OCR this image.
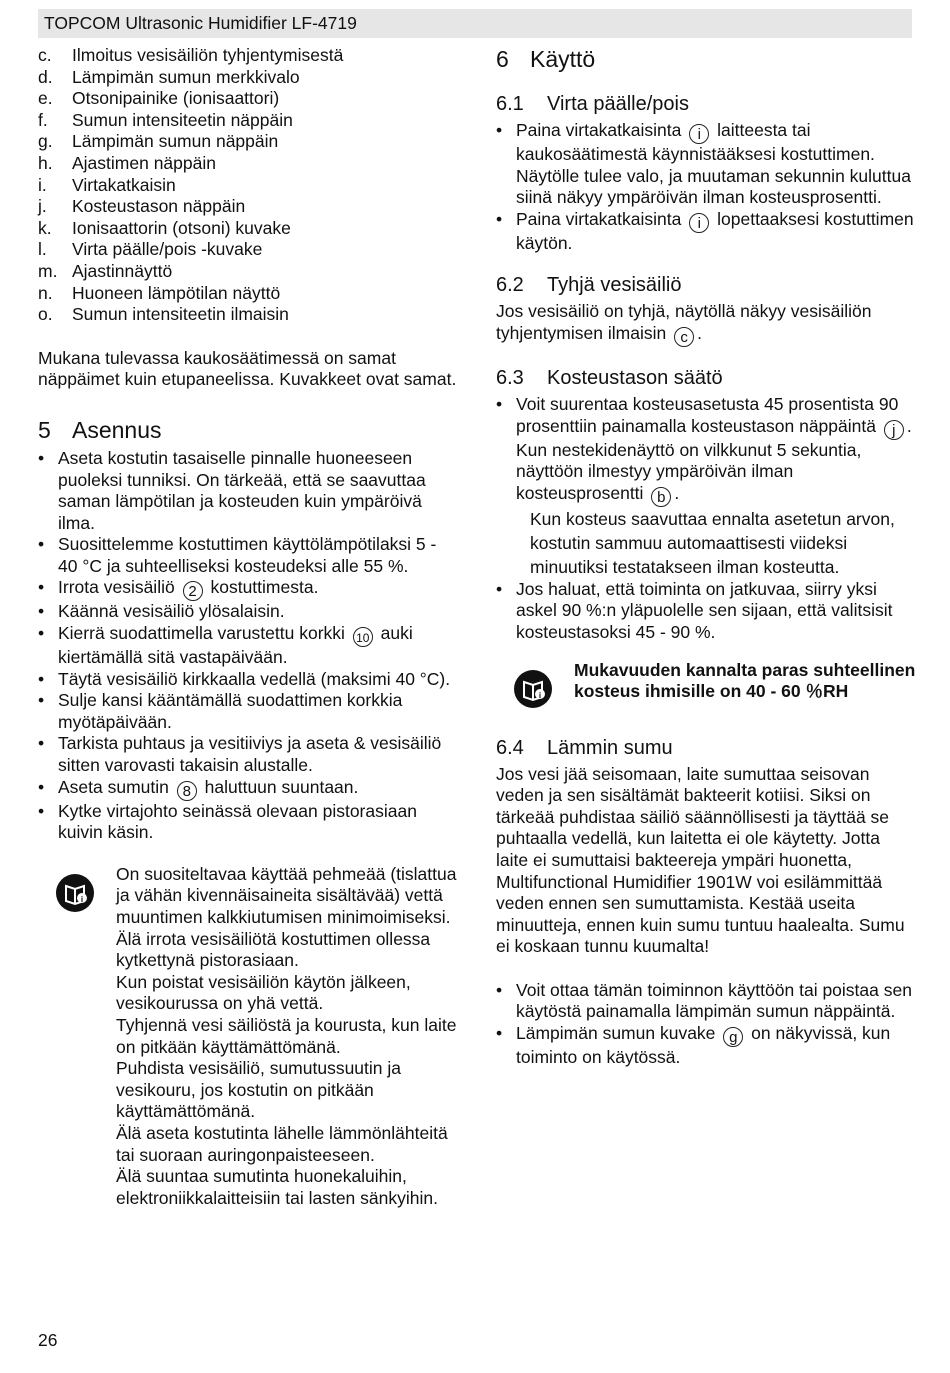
TOPCOM Ultrasonic Humidifier LF-4719
c.	Ilmoitus vesisäiliön tyhjentymisestä
d.	Lämpimän sumun merkkivalo
e.	Otsonipainike (ionisaattori)
f.	Sumun intensiteetin näppäin
g.	Lämpimän sumun näppäin
h.	Ajastimen näppäin
i.	Virtakatkaisin
j.	Kosteustason näppäin
k.	Ionisaattorin (otsoni) kuvake
l.	Virta päälle/pois -kuvake
m. Ajastinnäyttö
n.	Huoneen lämpötilan näyttö
o.	Sumun intensiteetin ilmaisin

Mukana tulevassa kaukosäätimessä on samat näppäimet kuin etupaneelissa. Kuvakkeet ovat samat.

5 Asennus
• Aseta kostutin tasaiselle pinnalle huoneeseen puoleksi tunniksi. On tärkeää, että se saavuttaa saman lämpötilan ja kosteuden kuin ympäröivä ilma.
• Suosittelemme kostuttimen käyttölämpötilaksi 5 - 40 °C ja suhteelliseksi kosteudeksi alle 55 %.
• Irrota vesisäiliö 2 kostuttimesta.
• Käännä vesisäiliö ylösalaisin.
• Kierrä suodattimella varustettu korkki 10 auki kiertämällä sitä vastapäivään.
• Täytä vesisäiliö kirkkaalla vedellä (maksimi 40 °C).
• Sulje kansi kääntämällä suodattimen korkkia myötäpäivään.
• Tarkista puhtaus ja vesitiiviys ja aseta & vesisäiliö sitten varovasti takaisin alustalle.
• Aseta sumutin 8 haluttuun suuntaan.
• Kytke virtajohto seinässä olevaan pistorasiaan kuivin käsin.
i

On suositeltavaa käyttää pehmeää (tislattua ja vähän kivennäisaineita sisältävää) vettä muuntimen kalkkiutumisen minimoimiseksi.
Älä irrota vesisäiliötä kostuttimen ollessa kytkettynä pistorasiaan.
Kun poistat vesisäiliön käytön jälkeen, vesikourussa on yhä vettä.
Tyhjennä vesi säiliöstä ja kourusta, kun laite on pitkään käyttämättömänä.
Puhdista vesisäiliö, sumutussuutin ja vesikouru, jos kostutin on pitkään käyttämättömänä.
Älä aseta kostutinta lähelle lämmönlähteitä tai suoraan auringonpaisteeseen.
Älä suuntaa sumutinta huonekaluihin, elektroniikkalaitteisiin tai lasten sänkyihin.

6 Käyttö
6.1	Virta päälle/pois
• Paina virtakatkaisinta i laitteesta tai kaukosäätimestä käynnistääksesi kostuttimen. Näytölle tulee valo, ja muutaman sekunnin kuluttua siinä näkyy ympäröivän ilman kosteusprosentti.
• Paina virtakatkaisinta i lopettaaksesi kostuttimen käytön.
6.2	Tyhjä vesisäiliö

Jos vesisäiliö on tyhjä, näytöllä näkyy vesisäiliön tyhjentymisen ilmaisin c .

6.3	Kosteustason säätö
• Voit suurentaa kosteusasetusta 45 prosentista 90 prosenttiin painamalla kosteustason näppäintä j . Kun nestekidenäyttö on vilkkunut 5 sekuntia, näyttöön ilmestyy ympäröivän ilman kosteusprosentti b .

Kun kosteus saavuttaa ennalta asetetun arvon, kostutin sammuu automaattisesti viideksi minuutiksi testatakseen ilman kosteutta.

• Jos haluat, että toiminta on jatkuvaa, siirry yksi askel 90 %:n yläpuolelle sen sijaan, että valitsisit kosteustasoksi 45 - 90 %.
i

Mukavuuden kannalta paras suhteellinen kosteus ihmisille on 40 - 60 ％RH

6.4	Lämmin sumu

Jos vesi jää seisomaan, laite sumuttaa seisovan veden ja sen sisältämät bakteerit kotiisi. Siksi on tärkeää puhdistaa säiliö säännöllisesti ja täyttää se puhtaalla vedellä, kun laitetta ei ole käytetty. Jotta laite ei sumuttaisi bakteereja ympäri huonetta, Multifunctional Humidifier 1901W voi esilämmittää veden ennen sen sumuttamista. Kestää useita minuutteja, ennen kuin sumu tuntuu haalealta. Sumu ei koskaan tunnu kuumalta!

• Voit ottaa tämän toiminnon käyttöön tai poistaa sen käytöstä painamalla lämpimän sumun näppäintä.
• Lämpimän sumun kuvake g on näkyvissä, kun toiminto on käytössä.
26
